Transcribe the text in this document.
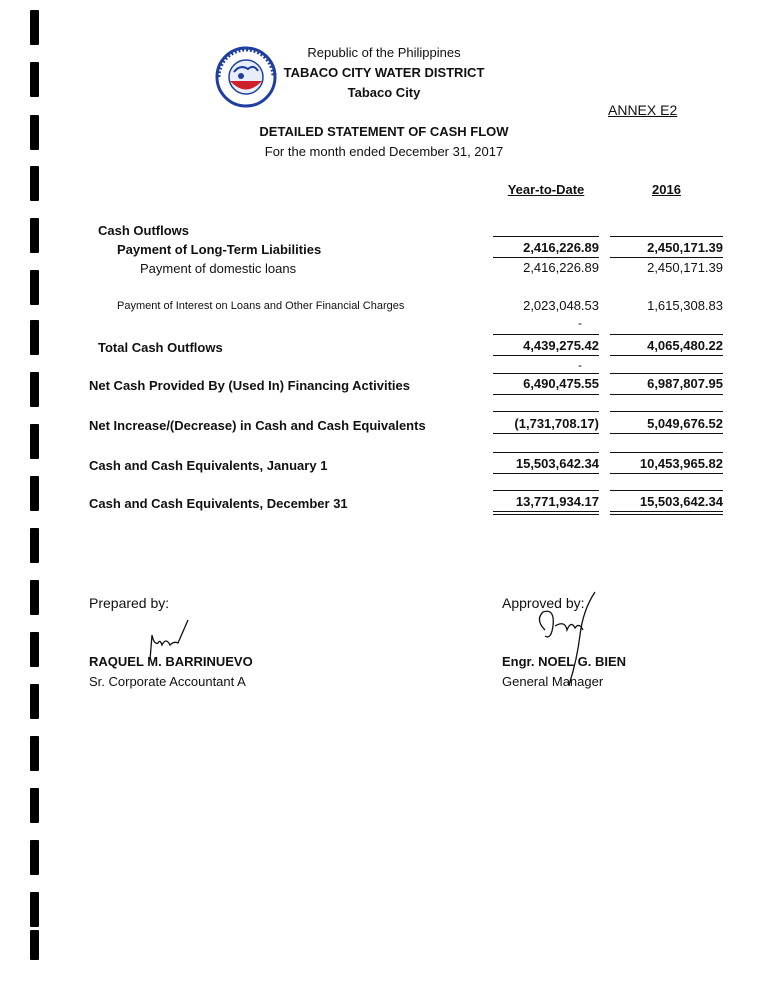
Republic of the Philippines
TABACO CITY WATER DISTRICT
Tabaco City
ANNEX E2
DETAILED STATEMENT OF CASH FLOW
For the month ended December 31, 2017
Year-to-Date	2016
Cash Outflows
Payment of Long-Term Liabilities	2,416,226.89	2,450,171.39
Payment of domestic loans	2,416,226.89	2,450,171.39
Payment of Interest on Loans and Other Financial Charges	2,023,048.53	1,615,308.83
-
Total Cash Outflows	4,439,275.42	4,065,480.22
-
Net Cash Provided By (Used In) Financing Activities	6,490,475.55	6,987,807.95
Net Increase/(Decrease) in Cash and Cash Equivalents	(1,731,708.17)	5,049,676.52
Cash and Cash Equivalents, January 1	15,503,642.34	10,453,965.82
Cash and Cash Equivalents, December 31	13,771,934.17	15,503,642.34
Prepared by:
RAQUEL M. BARRINUEVO
Sr. Corporate Accountant A
Approved by:
Engr. NOEL G. BIEN
General Manager
